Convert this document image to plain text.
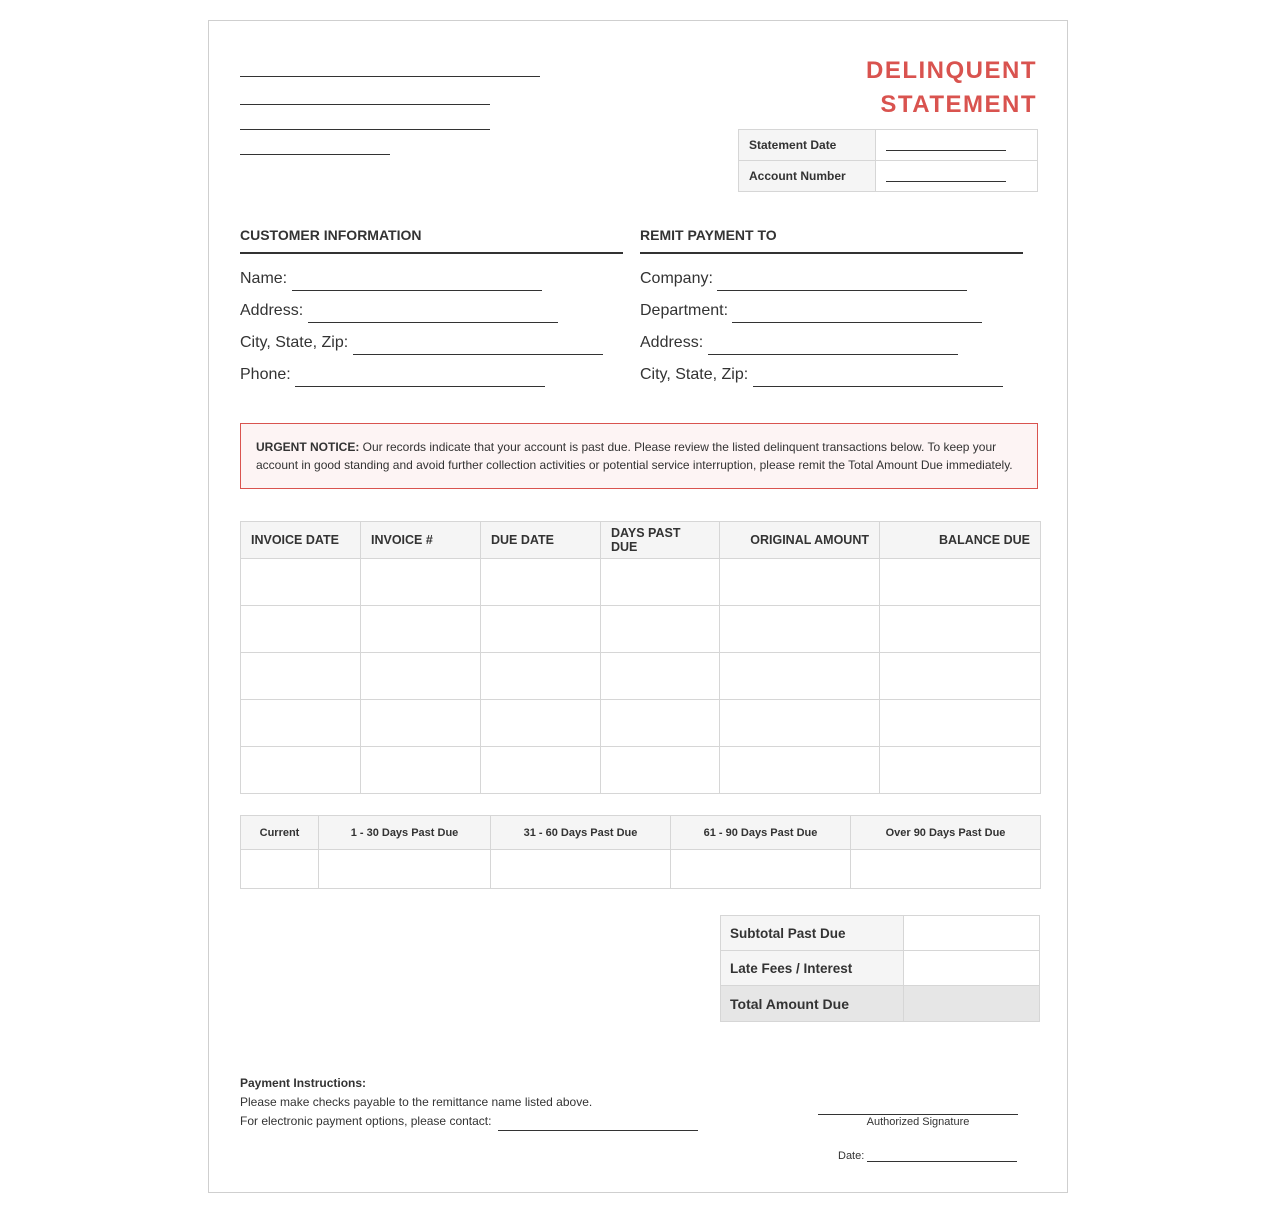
DELINQUENT
STATEMENT
Statement Date	

Account Number	
CUSTOMER INFORMATION
Name:
Address:
City, State, Zip:
Phone:
REMIT PAYMENT TO
Company:
Department:
Address:
City, State, Zip:
URGENT NOTICE: Our records indicate that your account is past due. Please review the listed delinquent transactions below. To keep your account in good standing and avoid further collection activities or potential service interruption, please remit the Total Amount Due immediately.
INVOICE DATE	INVOICE #	DUE DATE	DAYS PAST DUE	ORIGINAL AMOUNT	BALANCE DUE

Current	1 - 30 Days Past Due	31 - 60 Days Past Due	61 - 90 Days Past Due	Over 90 Days Past Due

Subtotal Past Due	
Late Fees / Interest	
Total Amount Due	
Payment Instructions:
Please make checks payable to the remittance name listed above.
For electronic payment options, please contact:	Authorized Signature
Date:
